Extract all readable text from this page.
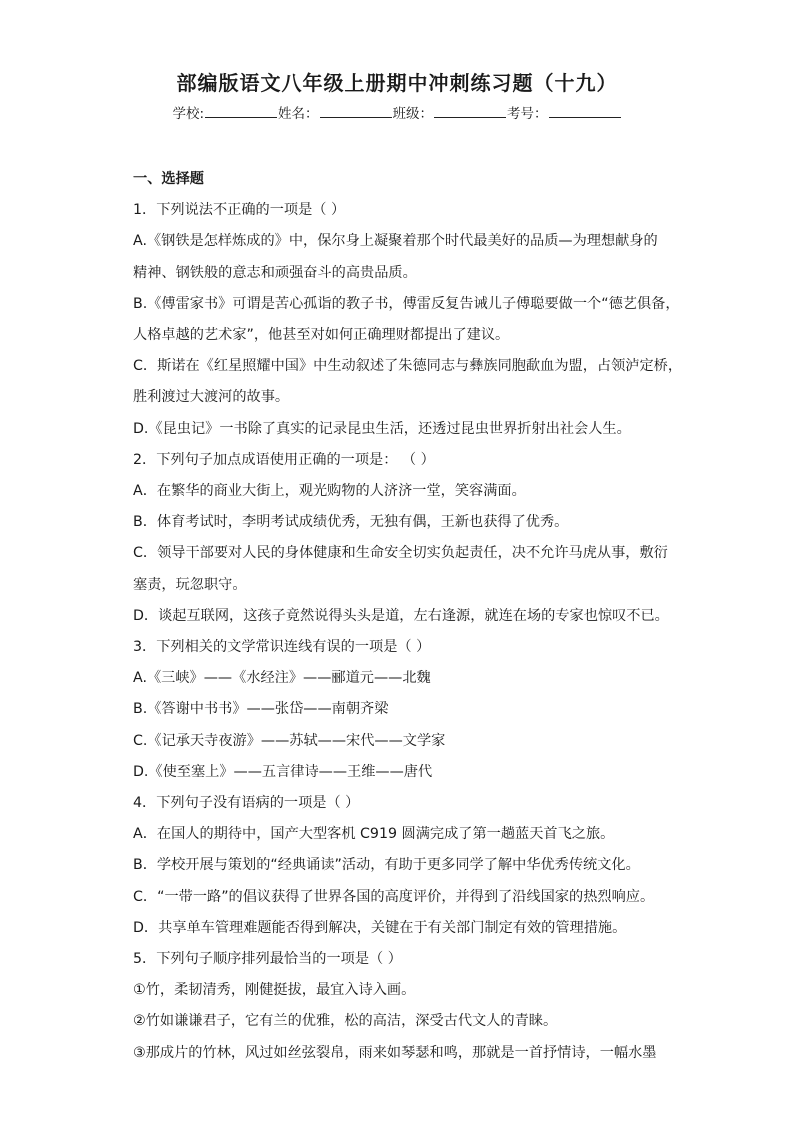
部编版语文八年级上册期中冲刺练习题（十九）
学校:	姓名：	班级：	考号：
一、选择题
1．下列说法不正确的一项是（ ）
A.《钢铁是怎样炼成的》中，保尔身上凝聚着那个时代最美好的品质—为理想献身的
精神、钢铁般的意志和顽强奋斗的高贵品质。
B.《傅雷家书》可谓是苦心孤诣的教子书，傅雷反复告诫儿子傅聪要做一个“德艺俱备，
人格卓越的艺术家”，他甚至对如何正确理财都提出了建议。
C．斯诺在《红星照耀中国》中生动叙述了朱德同志与彝族同胞歃血为盟，占领泸定桥，
胜利渡过大渡河的故事。
D.《昆虫记》一书除了真实的记录昆虫生活，还透过昆虫世界折射出社会人生。
2．下列句子加点成语使用正确的一项是： （ ）
A．在繁华的商业大街上，观光购物的人济济一堂，笑容满面。
B．体育考试时，李明考试成绩优秀，无独有偶，王新也获得了优秀。
C．领导干部要对人民的身体健康和生命安全切实负起责任，决不允许马虎从事，敷衍
塞责，玩忽职守。
D．谈起互联网，这孩子竟然说得头头是道，左右逢源，就连在场的专家也惊叹不已。
3．下列相关的文学常识连线有误的一项是（ ）
A.《三峡》——《水经注》——郦道元——北魏
B.《答谢中书书》——张岱——南朝齐梁
C.《记承天寺夜游》——苏轼——宋代——文学家
D.《使至塞上》——五言律诗——王维——唐代
4．下列句子没有语病的一项是（ ）
A．在国人的期待中，国产大型客机 C919 圆满完成了第一趟蓝天首飞之旅。
B．学校开展与策划的“经典诵读”活动，有助于更多同学了解中华优秀传统文化。
C．“一带一路”的倡议获得了世界各国的高度评价，并得到了沿线国家的热烈响应。
D．共享单车管理难题能否得到解决，关键在于有关部门制定有效的管理措施。
5．下列句子顺序排列最恰当的一项是（ ）
①竹，柔韧清秀，刚健挺拔，最宜入诗入画。
②竹如谦谦君子，它有兰的优雅，松的高洁，深受古代文人的青睐。
③那成片的竹林，风过如丝弦裂帛，雨来如琴瑟和鸣，那就是一首抒情诗，一幅水墨
